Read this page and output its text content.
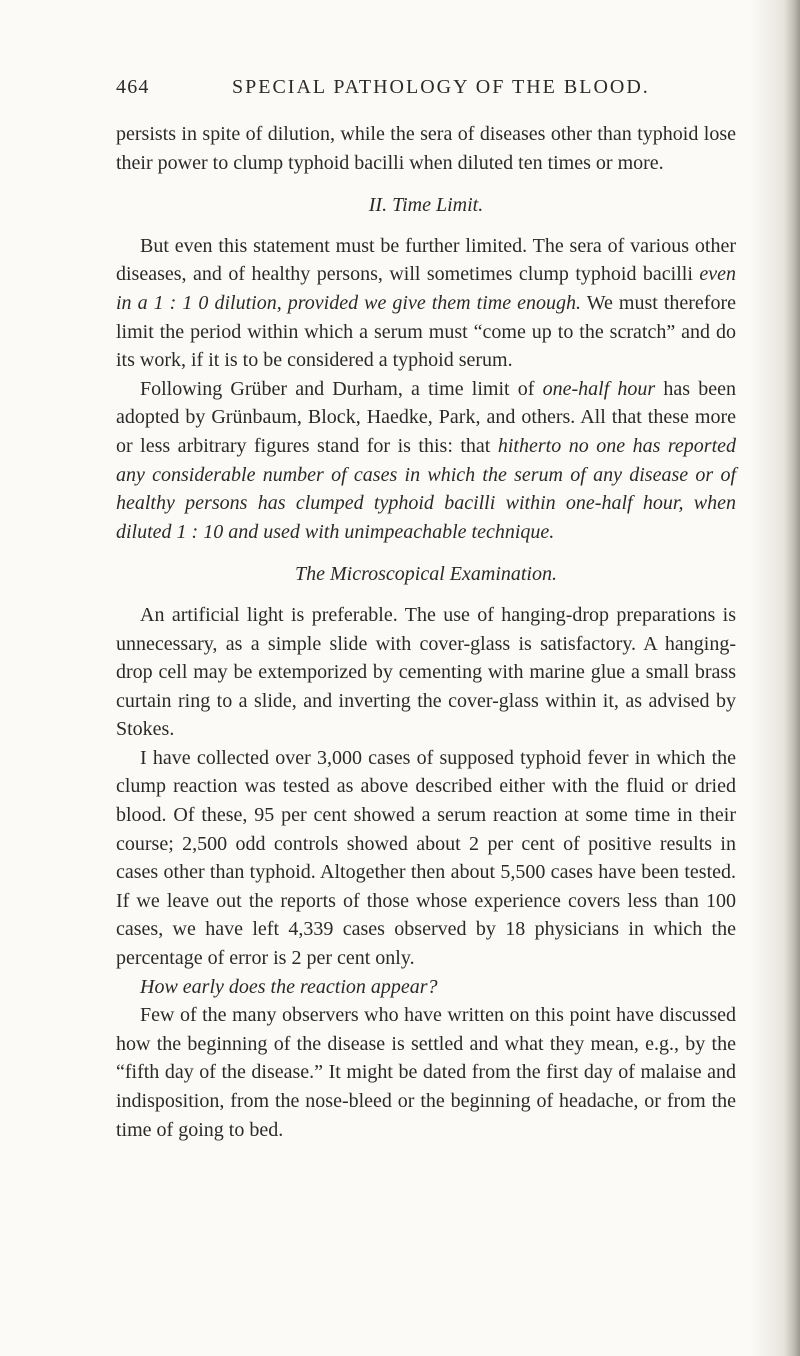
464	SPECIAL PATHOLOGY OF THE BLOOD.

persists in spite of dilution, while the sera of diseases other than typhoid lose their power to clump typhoid bacilli when diluted ten times or more.

II. Time Limit.

But even this statement must be further limited. The sera of various other diseases, and of healthy persons, will sometimes clump typhoid bacilli even in a 1 : 1 0 dilution, provided we give them time enough. We must therefore limit the period within which a serum must “come up to the scratch” and do its work, if it is to be considered a typhoid serum.

Following Grüber and Durham, a time limit of one-half hour has been adopted by Grünbaum, Block, Haedke, Park, and others. All that these more or less arbitrary figures stand for is this: that hitherto no one has reported any considerable number of cases in which the serum of any disease or of healthy persons has clumped typhoid bacilli within one-half hour, when diluted 1 : 10 and used with unimpeachable technique.

The Microscopical Examination.

An artificial light is preferable. The use of hanging-drop preparations is unnecessary, as a simple slide with cover-glass is satisfactory. A hanging-drop cell may be extemporized by cementing with marine glue a small brass curtain ring to a slide, and inverting the cover-glass within it, as advised by Stokes.

I have collected over 3,000 cases of supposed typhoid fever in which the clump reaction was tested as above described either with the fluid or dried blood. Of these, 95 per cent showed a serum reaction at some time in their course; 2,500 odd controls showed about 2 per cent of positive results in cases other than typhoid. Altogether then about 5,500 cases have been tested. If we leave out the reports of those whose experience covers less than 100 cases, we have left 4,339 cases observed by 18 physicians in which the percentage of error is 2 per cent only.

How early does the reaction appear?

Few of the many observers who have written on this point have discussed how the beginning of the disease is settled and what they mean, e.g., by the “fifth day of the disease.” It might be dated from the first day of malaise and indisposition, from the nose-bleed or the beginning of headache, or from the time of going to bed.
